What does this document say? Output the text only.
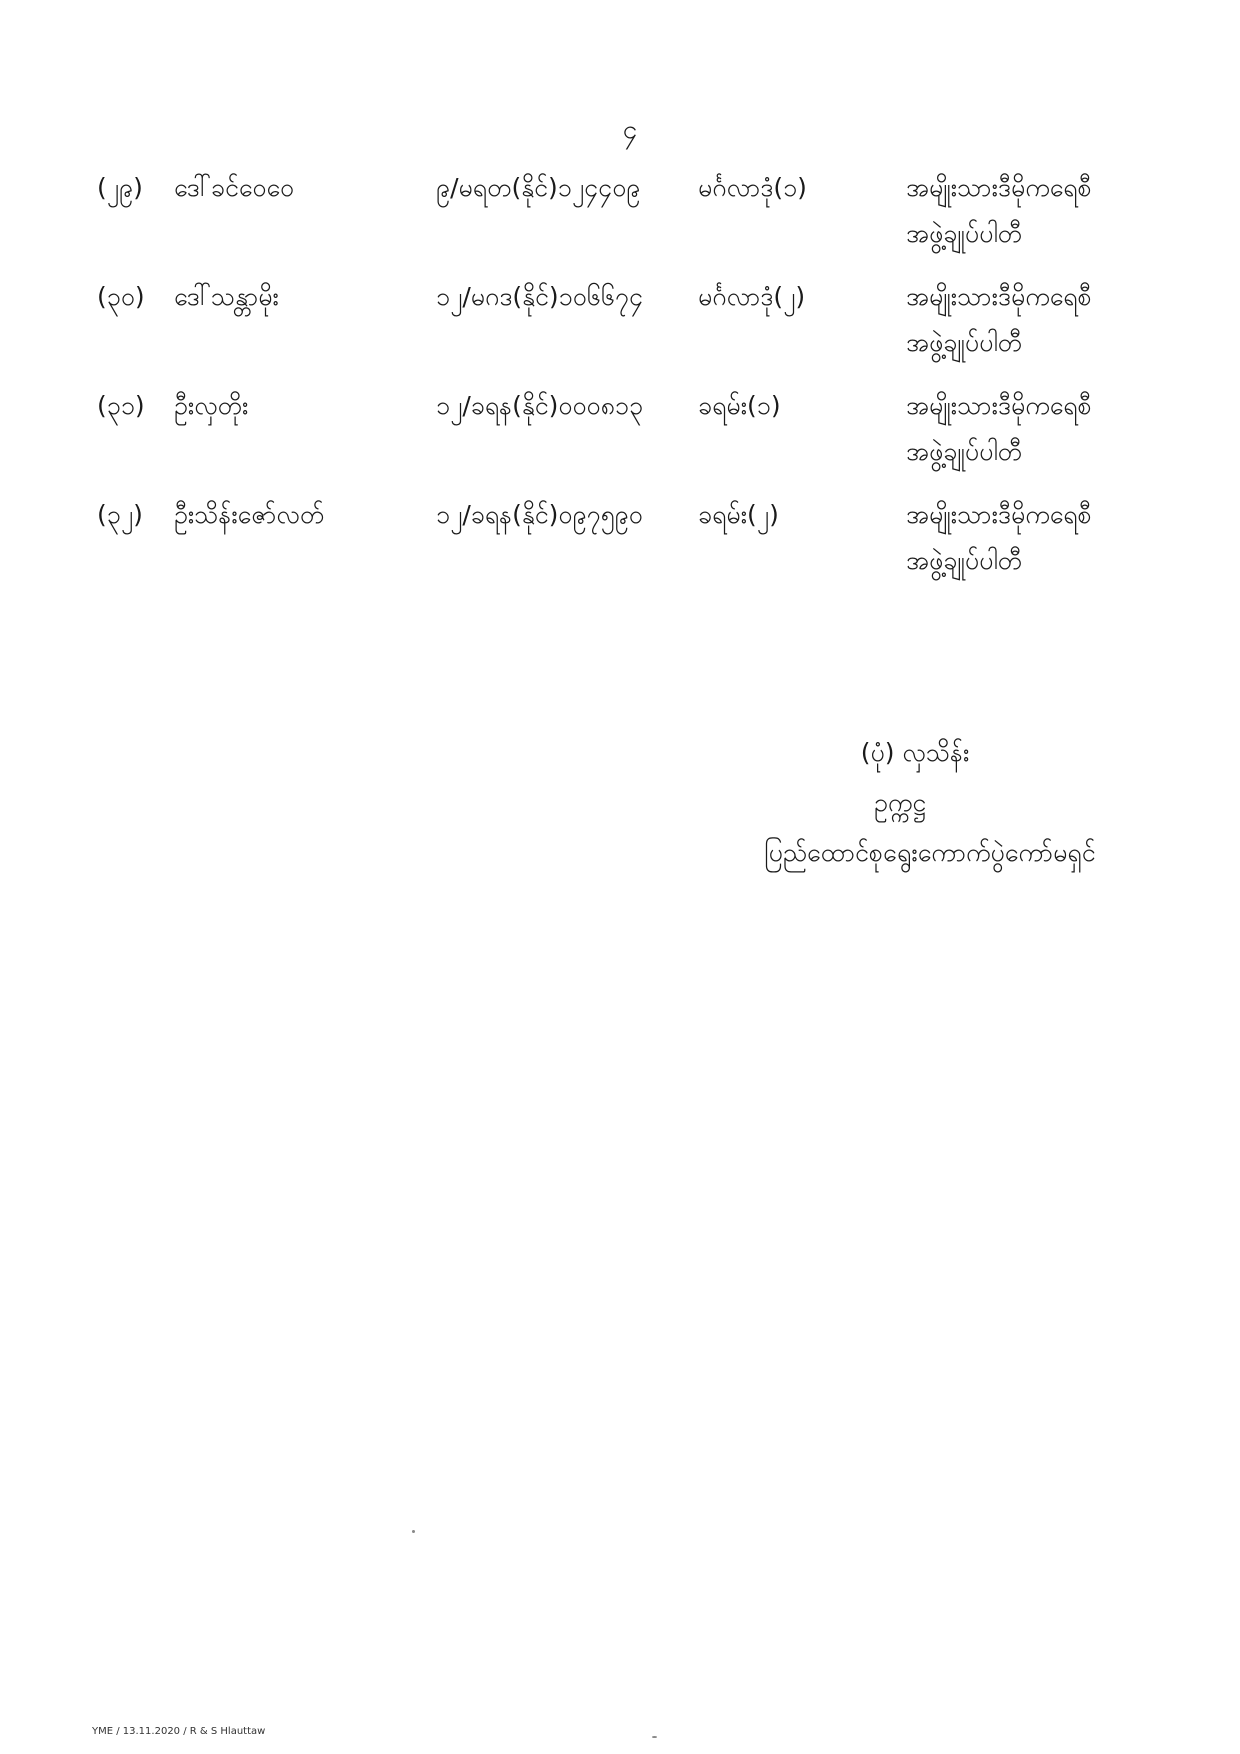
၄
(၂၉) ဒေါ်ခင်ဝေဝေ	၉/မရတ(နိုင်)၁၂၄၄၀၉ မင်္ဂလာဒုံ(၁)	အမျိုးသားဒီမိုကရေစီ
အဖွဲ့ချုပ်ပါတီ
(၃၀) ဒေါ်သန္တာမိုး	၁၂/မဂဒ(နိုင်)၁၀၆၆၇၄ မင်္ဂလာဒုံ(၂)	အမျိုးသားဒီမိုကရေစီ
အဖွဲ့ချုပ်ပါတီ
(၃၁) ဦးလှတိုး	၁၂/ခရန(နိုင်)၀၀၀၈၁၃ ခရမ်း(၁)	အမျိုးသားဒီမိုကရေစီ
အဖွဲ့ချုပ်ပါတီ
(၃၂) ဦးသိန်းဇော်လတ်	၁၂/ခရန(နိုင်)၀၉၇၅၉၀ ခရမ်း(၂)	အမျိုးသားဒီမိုကရေစီ
အဖွဲ့ချုပ်ပါတီ
(ပုံ) လှသိန်း
ဥက္ကဋ္ဌ
ပြည်ထောင်စုရွေးကောက်ပွဲကော်မရှင်
YME / 13.11.2020 / R & S Hlauttaw
